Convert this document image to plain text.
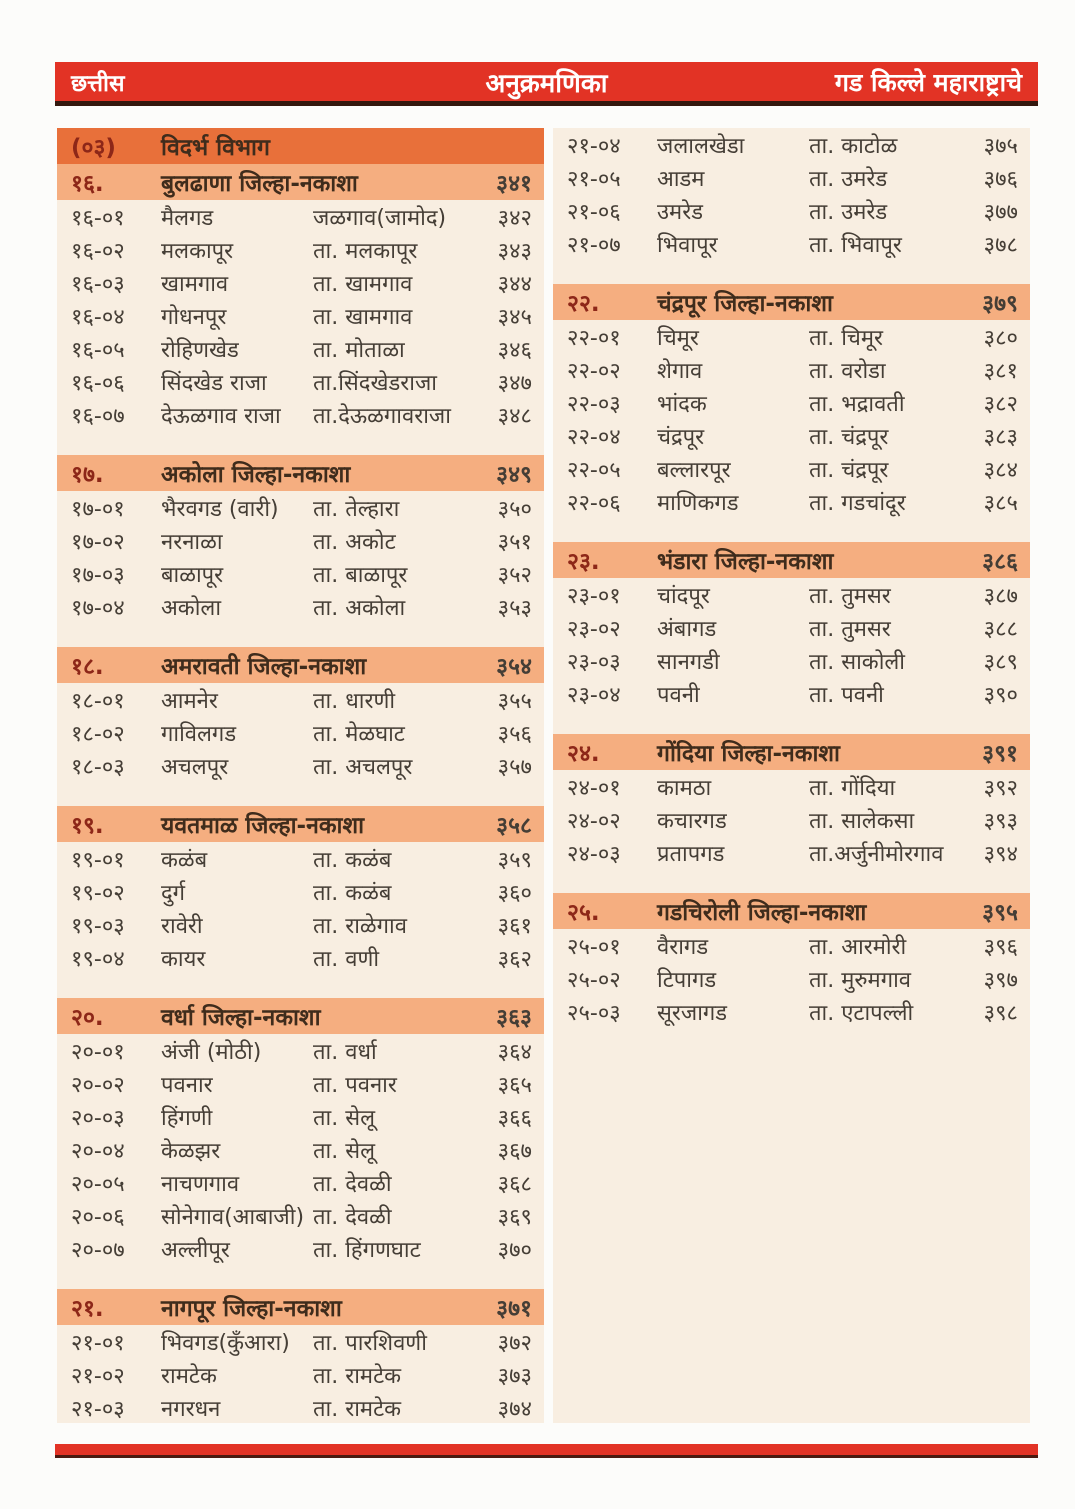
छत्तीस	अनुक्रमणिका	गड किल्ले महाराष्ट्राचे
(०३)	विदर्भ विभाग
१६.	बुलढाणा जिल्हा-नकाशा	३४१
१६-०१	मैलगड	जळगाव(जामोद)	३४२
१६-०२	मलकापूर	ता. मलकापूर	३४३
१६-०३	खामगाव	ता. खामगाव	३४४
१६-०४	गोधनपूर	ता. खामगाव	३४५
१६-०५	रोहिणखेड	ता. मोताळा	३४६
१६-०६	सिंदखेड राजा	ता.सिंदखेडराजा	३४७
१६-०७	देऊळगाव राजा	ता.देऊळगावराजा	३४८
१७.	अकोला जिल्हा-नकाशा	३४९
१७-०१	भैरवगड (वारी)	ता. तेल्हारा	३५०
१७-०२	नरनाळा	ता. अकोट	३५१
१७-०३	बाळापूर	ता. बाळापूर	३५२
१७-०४	अकोला	ता. अकोला	३५३
१८.	अमरावती जिल्हा-नकाशा	३५४
१८-०१	आमनेर	ता. धारणी	३५५
१८-०२	गाविलगड	ता. मेळघाट	३५६
१८-०३	अचलपूर	ता. अचलपूर	३५७
१९.	यवतमाळ जिल्हा-नकाशा	३५८
१९-०१	कळंब	ता. कळंब	३५९
१९-०२	दुर्ग	ता. कळंब	३६०
१९-०३	रावेरी	ता. राळेगाव	३६१
१९-०४	कायर	ता. वणी	३६२
२०.	वर्धा जिल्हा-नकाशा	३६३
२०-०१	अंजी (मोठी)	ता. वर्धा	३६४
२०-०२	पवनार	ता. पवनार	३६५
२०-०३	हिंगणी	ता. सेलू	३६६
२०-०४	केळझर	ता. सेलू	३६७
२०-०५	नाचणगाव	ता. देवळी	३६८
२०-०६	सोनेगाव(आबाजी) ता. देवळी	३६९
२०-०७	अल्लीपूर	ता. हिंगणघाट	३७०
२१.	नागपूर जिल्हा-नकाशा	३७१
२१-०१	भिवगड(कुँआरा)	ता. पारशिवणी	३७२
२१-०२	रामटेक	ता. रामटेक	३७३
२१-०३	नगरधन	ता. रामटेक	३७४
२१-०४	जलालखेडा	ता. काटोळ	३७५
२१-०५	आडम	ता. उमरेड	३७६
२१-०६	उमरेड	ता. उमरेड	३७७
२१-०७	भिवापूर	ता. भिवापूर	३७८
२२.	चंद्रपूर जिल्हा-नकाशा	३७९
२२-०१	चिमूर	ता. चिमूर	३८०
२२-०२	शेगाव	ता. वरोडा	३८१
२२-०३	भांदक	ता. भद्रावती	३८२
२२-०४	चंद्रपूर	ता. चंद्रपूर	३८३
२२-०५	बल्लारपूर	ता. चंद्रपूर	३८४
२२-०६	माणिकगड	ता. गडचांदूर	३८५
२३.	भंडारा जिल्हा-नकाशा	३८६
२३-०१	चांदपूर	ता. तुमसर	३८७
२३-०२	अंबागड	ता. तुमसर	३८८
२३-०३	सानगडी	ता. साकोली	३८९
२३-०४	पवनी	ता. पवनी	३९०
२४.	गोंदिया जिल्हा-नकाशा	३९१
२४-०१	कामठा	ता. गोंदिया	३९२
२४-०२	कचारगड	ता. सालेकसा	३९३
२४-०३	प्रतापगड	ता.अर्जुनीमोरगाव	३९४
२५.	गडचिरोली जिल्हा-नकाशा	३९५
२५-०१	वैरागड	ता. आरमोरी	३९६
२५-०२	टिपागड	ता. मुरुमगाव	३९७
२५-०३	सूरजागड	ता. एटापल्ली	३९८
